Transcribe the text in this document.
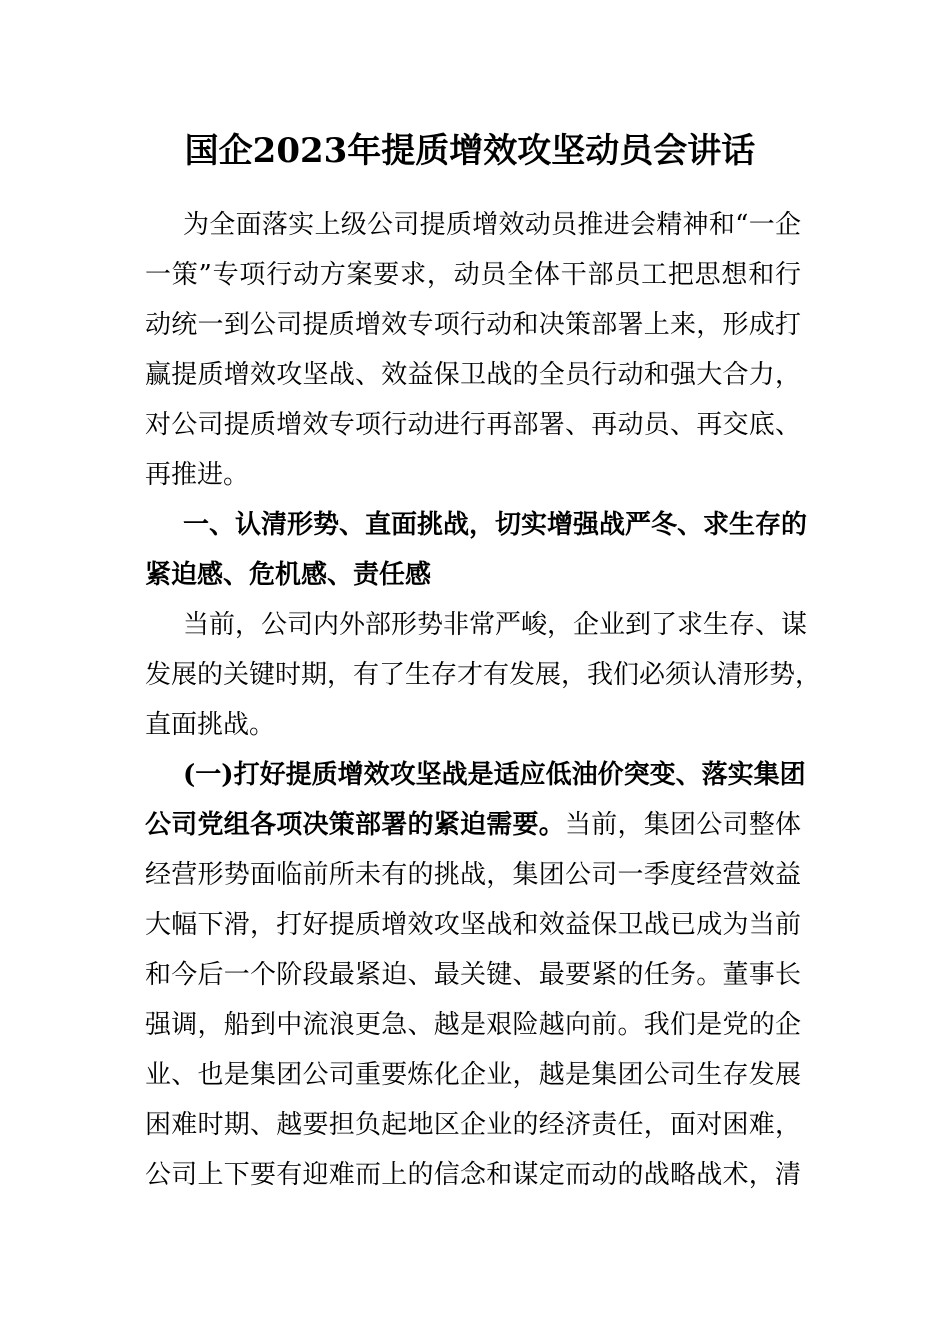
国企2023年提质增效攻坚动员会讲话
为全面落实上级公司提质增效动员推进会精神和“一企
一策”专项行动方案要求，动员全体干部员工把思想和行
动统一到公司提质增效专项行动和决策部署上来，形成打
赢提质增效攻坚战、效益保卫战的全员行动和强大合力，
对公司提质增效专项行动进行再部署、再动员、再交底、
再推进。
一、认清形势、直面挑战，切实增强战严冬、求生存的
紧迫感、危机感、责任感
当前，公司内外部形势非常严峻，企业到了求生存、谋
发展的关键时期，有了生存才有发展，我们必须认清形势，
直面挑战。
(一)打好提质增效攻坚战是适应低油价突变、落实集团
公司党组各项决策部署的紧迫需要。当前，集团公司整体
经营形势面临前所未有的挑战，集团公司一季度经营效益
大幅下滑，打好提质增效攻坚战和效益保卫战已成为当前
和今后一个阶段最紧迫、最关键、最要紧的任务。董事长
强调，船到中流浪更急、越是艰险越向前。我们是党的企
业、也是集团公司重要炼化企业，越是集团公司生存发展
困难时期、越要担负起地区企业的经济责任，面对困难，
公司上下要有迎难而上的信念和谋定而动的战略战术，清
